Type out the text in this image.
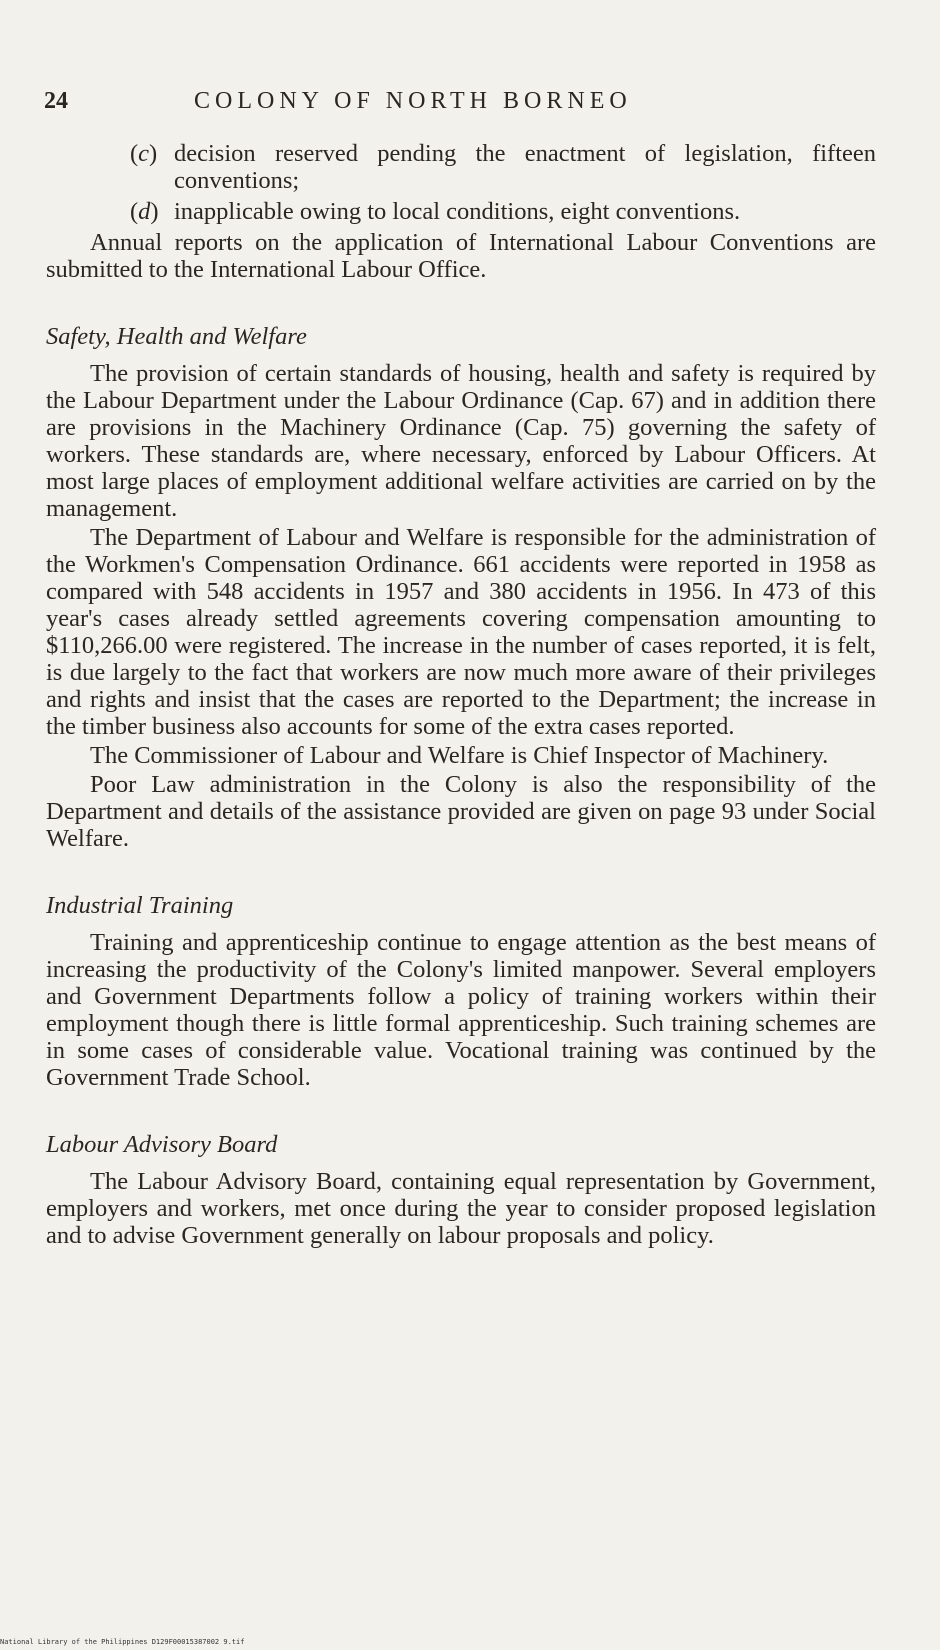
24	COLONY OF NORTH BORNEO
(c) decision reserved pending the enactment of legislation, fifteen conventions;
(d) inapplicable owing to local conditions, eight conventions.

Annual reports on the application of International Labour Conventions are submitted to the International Labour Office.

Safety, Health and Welfare

The provision of certain standards of housing, health and safety is required by the Labour Department under the Labour Ordinance (Cap. 67) and in addition there are provisions in the Machinery Ordinance (Cap. 75) governing the safety of workers. These standards are, where necessary, enforced by Labour Officers. At most large places of employment additional welfare activities are carried on by the management.

The Department of Labour and Welfare is responsible for the administration of the Workmen's Compensation Ordinance. 661 accidents were reported in 1958 as compared with 548 accidents in 1957 and 380 accidents in 1956. In 473 of this year's cases already settled agreements covering compensation amounting to $110,266.00 were registered. The increase in the number of cases reported, it is felt, is due largely to the fact that workers are now much more aware of their privileges and rights and insist that the cases are reported to the Department; the increase in the timber business also accounts for some of the extra cases reported.

The Commissioner of Labour and Welfare is Chief Inspector of Machinery.

Poor Law administration in the Colony is also the responsibility of the Department and details of the assistance provided are given on page 93 under Social Welfare.

Industrial Training

Training and apprenticeship continue to engage attention as the best means of increasing the productivity of the Colony's limited manpower. Several employers and Government Departments follow a policy of training workers within their employment though there is little formal apprenticeship. Such training schemes are in some cases of considerable value. Vocational training was continued by the Government Trade School.

Labour Advisory Board

The Labour Advisory Board, containing equal representation by Government, employers and workers, met once during the year to consider proposed legislation and to advise Government generally on labour proposals and policy.

National Library of the Philippines D129F00015387002 9.tif
